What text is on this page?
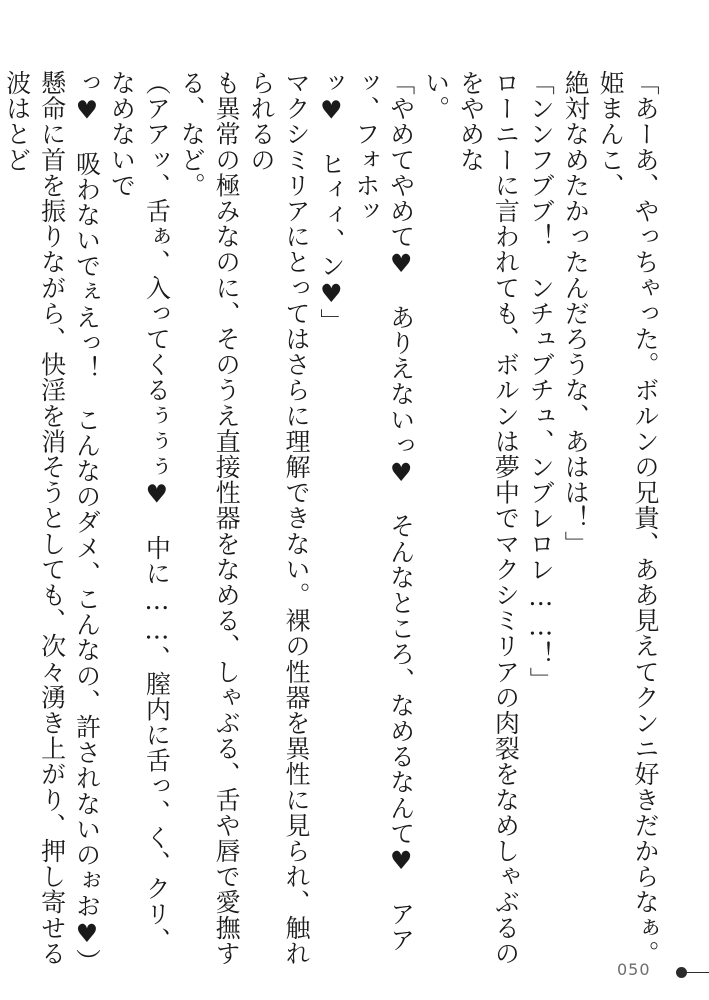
「あーあ、やっちゃった。ボルンの兄貴、ああ見えてクンニ好きだからなぁ。姫まんこ、

絶対なめたかったんだろうな、あはは！」

「ンンフブブ！　ンチュブチュ、ンブレロレ……！」

ローニーに言われても、ボルンは夢中でマクシミリアの肉裂をなめしゃぶるのをやめな

い。

「やめてやめて♥　ありえないっ♥　そんなところ、なめるなんて♥　アアッ、フォホッ

ッ♥　ヒィィ、ン♥」

マクシミリアにとってはさらに理解できない。裸の性器を異性に見られ、触れられるの

も異常の極みなのに、そのうえ直接性器をなめる、しゃぶる、舌や唇で愛撫する、など。

（アアッ、舌ぁ、入ってくるぅぅぅ♥　中に……、膣内に舌っ、く、クリ、なめないで

っ♥　吸わないでぇえっ！　こんなのダメ、こんなの、許されないのぉお♥）

懸命に首を振りながら、快淫を消そうとしても、次々湧き上がり、押し寄せる波はとど

050
